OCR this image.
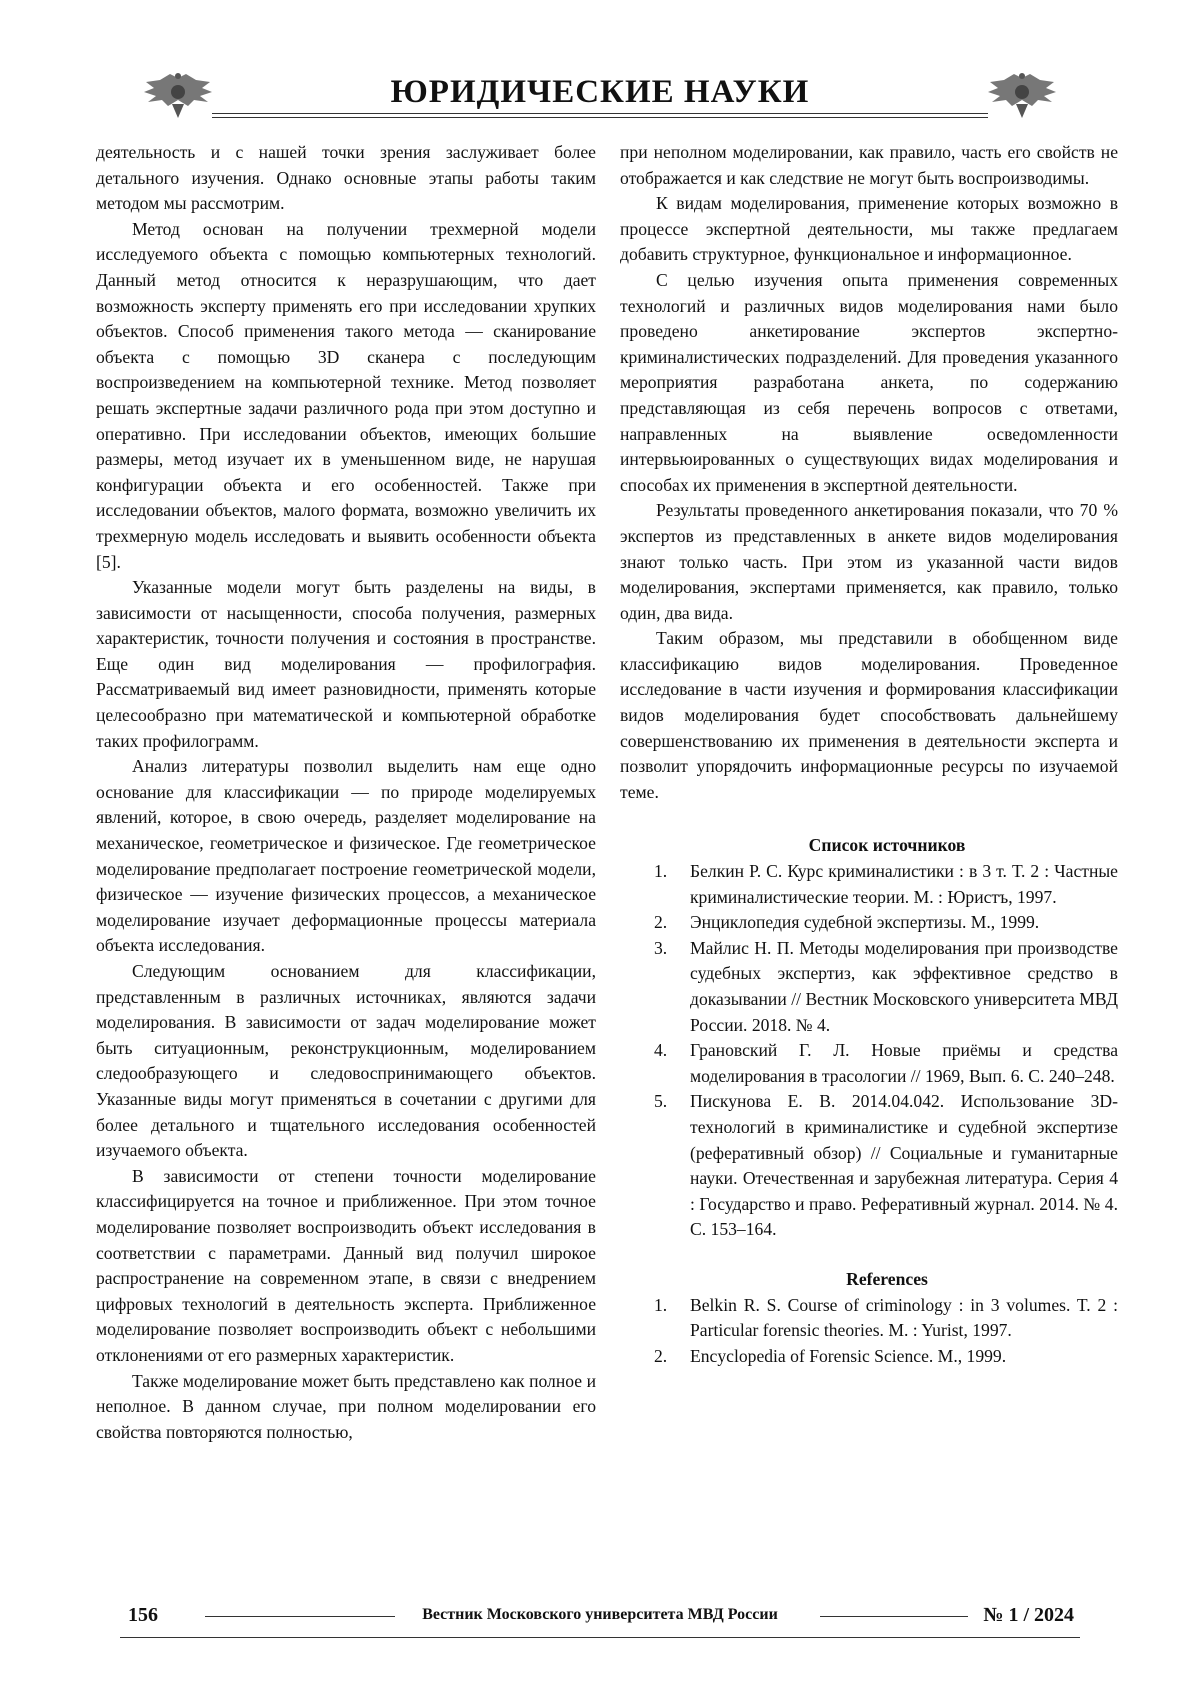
ЮРИДИЧЕСКИЕ НАУКИ

деятельность и с нашей точки зрения заслуживает более детального изучения. Однако основные этапы работы таким методом мы рассмотрим.

Метод основан на получении трехмерной модели исследуемого объекта с помощью компьютерных технологий. Данный метод относится к неразрушающим, что дает возможность эксперту применять его при исследовании хрупких объектов. Способ применения такого метода — сканирование объекта с помощью 3D сканера с последующим воспроизведением на компьютерной технике. Метод позволяет решать экспертные задачи различного рода при этом доступно и оперативно. При исследовании объектов, имеющих большие размеры, метод изучает их в уменьшенном виде, не нарушая конфигурации объекта и его особенностей. Также при исследовании объектов, малого формата, возможно увеличить их трехмерную модель исследовать и выявить особенности объекта [5].

Указанные модели могут быть разделены на виды, в зависимости от насыщенности, способа получения, размерных характеристик, точности получения и состояния в пространстве. Еще один вид моделирования — профилография. Рассматриваемый вид имеет разновидности, применять которые целесообразно при математической и компьютерной обработке таких профилограмм.

Анализ литературы позволил выделить нам еще одно основание для классификации — по природе моделируемых явлений, которое, в свою очередь, разделяет моделирование на механическое, геометрическое и физическое. Где геометрическое моделирование предполагает построение геометрической модели, физическое — изучение физических процессов, а механическое моделирование изучает деформационные процессы материала объекта исследования.

Следующим основанием для классификации, представленным в различных источниках, являются задачи моделирования. В зависимости от задач моделирование может быть ситуационным, реконструкционным, моделированием следообразующего и следовоспринимающего объектов. Указанные виды могут применяться в сочетании с другими для более детального и тщательного исследования особенностей изучаемого объекта.

В зависимости от степени точности моделирование классифицируется на точное и приближенное. При этом точное моделирование позволяет воспроизводить объект исследования в соответствии с параметрами. Данный вид получил широкое распространение на современном этапе, в связи с внедрением цифровых технологий в деятельность эксперта. Приближенное моделирование позволяет воспроизводить объект с небольшими отклонениями от его размерных характеристик.

Также моделирование может быть представлено как полное и неполное. В данном случае, при полном моделировании его свойства повторяются полностью,

при неполном моделировании, как правило, часть его свойств не отображается и как следствие не могут быть воспроизводимы.

К видам моделирования, применение которых возможно в процессе экспертной деятельности, мы также предлагаем добавить структурное, функциональное и информационное.

С целью изучения опыта применения современных технологий и различных видов моделирования нами было проведено анкетирование экспертов экспертно-криминалистических подразделений. Для проведения указанного мероприятия разработана анкета, по содержанию представляющая из себя перечень вопросов с ответами, направленных на выявление осведомленности интервьюированных о существующих видах моделирования и способах их применения в экспертной деятельности.

Результаты проведенного анкетирования показали, что 70 % экспертов из представленных в анкете видов моделирования знают только часть. При этом из указанной части видов моделирования, экспертами применяется, как правило, только один, два вида.

Таким образом, мы представили в обобщенном виде классификацию видов моделирования. Проведенное исследование в части изучения и формирования классификации видов моделирования будет способствовать дальнейшему совершенствованию их применения в деятельности эксперта и позволит упорядочить информационные ресурсы по изучаемой теме.

Список источников

1. Белкин Р. С. Курс криминалистики : в 3 т. Т. 2 : Частные криминалистические теории. М. : Юристъ, 1997.
2. Энциклопедия судебной экспертизы. М., 1999.
3. Майлис Н. П. Методы моделирования при производстве судебных экспертиз, как эффективное средство в доказывании // Вестник Московского университета МВД России. 2018. № 4.
4. Грановский Г. Л. Новые приёмы и средства моделирования в трасологии // 1969, Вып. 6. С. 240–248.
5. Пискунова Е. В. 2014.04.042. Использование 3D-технологий в криминалистике и судебной экспертизе (реферативный обзор) // Социальные и гуманитарные науки. Отечественная и зарубежная литература. Серия 4 : Государство и право. Реферативный журнал. 2014. № 4. С. 153–164.

References

1. Belkin R. S. Course of criminology : in 3 volumes. T. 2 : Particular forensic theories. M. : Yurist, 1997.
2. Encyclopedia of Forensic Science. M., 1999.
156	Вестник Московского университета МВД России	№ 1 / 2024
